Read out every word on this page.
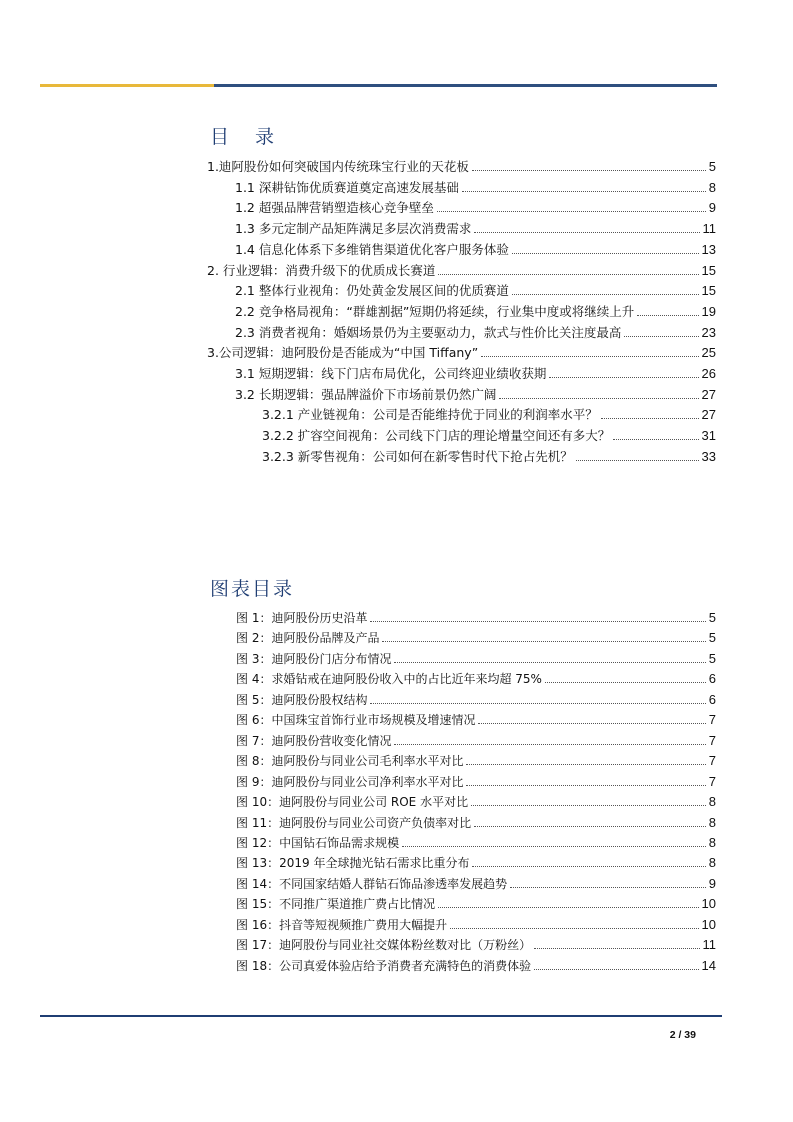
目 录
1.迪阿股份如何突破国内传统珠宝行业的天花板	5
1.1 深耕钻饰优质赛道奠定高速发展基础	8
1.2 超强品牌营销塑造核心竞争壁垒	9
1.3 多元定制产品矩阵满足多层次消费需求	11
1.4 信息化体系下多维销售渠道优化客户服务体验	13
2. 行业逻辑：消费升级下的优质成长赛道	15
2.1 整体行业视角：仍处黄金发展区间的优质赛道	15
2.2 竞争格局视角：“群雄割据”短期仍将延续，行业集中度或将继续上升	19
2.3 消费者视角：婚姻场景仍为主要驱动力，款式与性价比关注度最高	23
3.公司逻辑：迪阿股份是否能成为“中国 Tiffany”	25
3.1 短期逻辑：线下门店布局优化，公司终迎业绩收获期	26
3.2 长期逻辑：强品牌溢价下市场前景仍然广阔	27
3.2.1 产业链视角：公司是否能维持优于同业的利润率水平？	27
3.2.2 扩容空间视角：公司线下门店的理论增量空间还有多大？	31
3.2.3 新零售视角：公司如何在新零售时代下抢占先机？	33
图表目录
图 1：迪阿股份历史沿革	5
图 2：迪阿股份品牌及产品	5
图 3：迪阿股份门店分布情况	5
图 4：求婚钻戒在迪阿股份收入中的占比近年来均超 75%	6
图 5：迪阿股份股权结构	6
图 6：中国珠宝首饰行业市场规模及增速情况	7
图 7：迪阿股份营收变化情况	7
图 8：迪阿股份与同业公司毛利率水平对比	7
图 9：迪阿股份与同业公司净利率水平对比	7
图 10：迪阿股份与同业公司 ROE 水平对比	8
图 11：迪阿股份与同业公司资产负债率对比	8
图 12：中国钻石饰品需求规模	8
图 13：2019 年全球抛光钻石需求比重分布	8
图 14：不同国家结婚人群钻石饰品渗透率发展趋势	9
图 15：不同推广渠道推广费占比情况	10
图 16：抖音等短视频推广费用大幅提升	10
图 17：迪阿股份与同业社交媒体粉丝数对比（万粉丝）	11
图 18：公司真爱体验店给予消费者充满特色的消费体验	14
2 / 39
